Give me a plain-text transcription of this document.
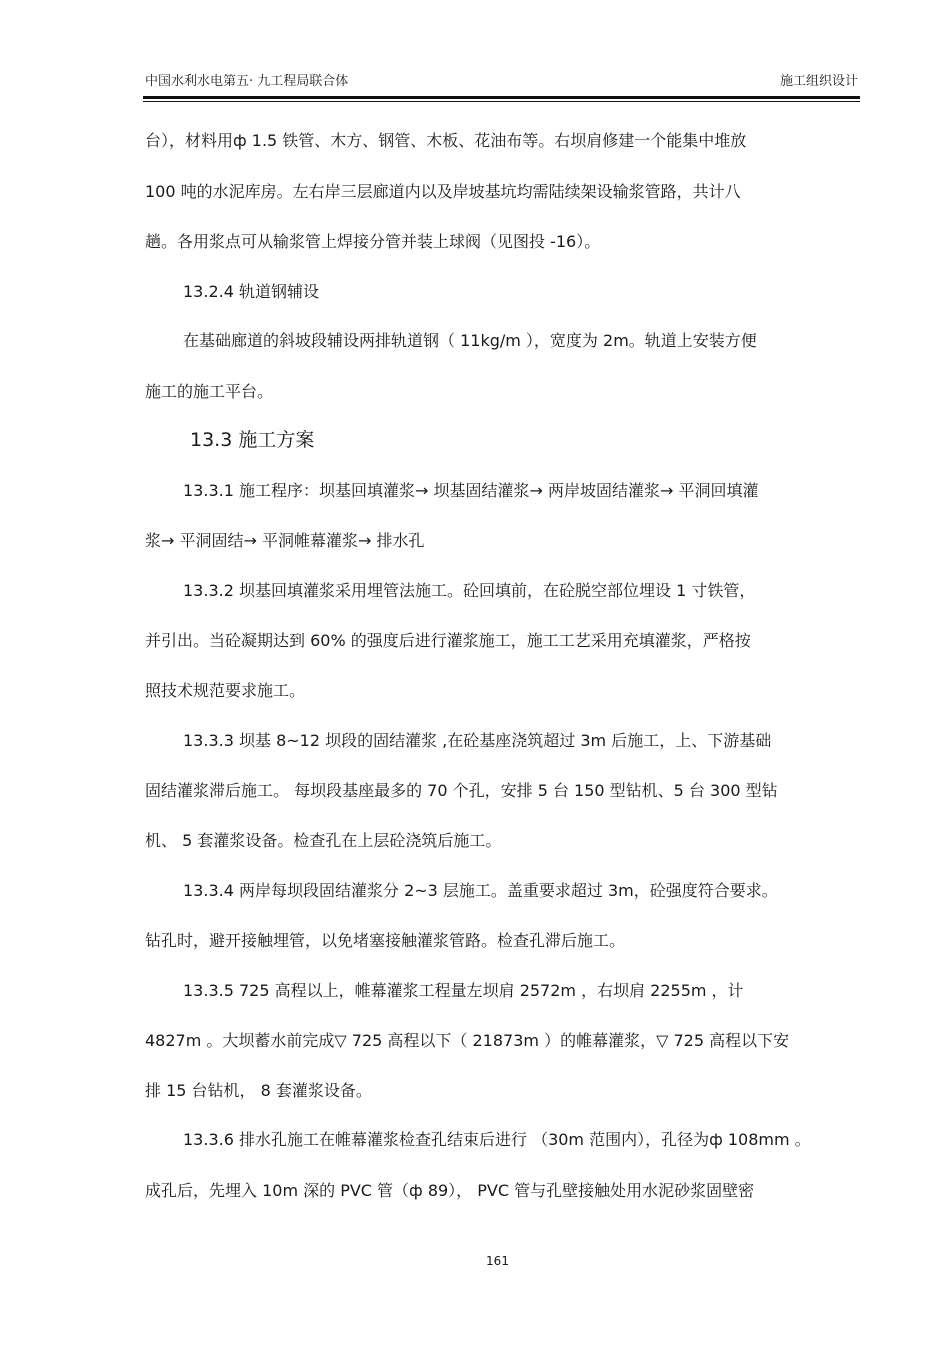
中国水利水电第五· 九工程局联合体	施工组织设计
台），材料用ф 1.5 铁管、木方、钢管、木板、花油布等。右坝肩修建一个能集中堆放
100 吨的水泥库房。左右岸三层廊道内以及岸坡基坑均需陆续架设输浆管路，共计八
趟。各用浆点可从输浆管上焊接分管并装上球阀（见图投 -16）。
13.2.4 轨道钢辅设
在基础廊道的斜坡段辅设两排轨道钢（ 11kg/m ），宽度为 2m。轨道上安装方便
施工的施工平台。
13.3 施工方案
13.3.1 施工程序：坝基回填灌浆→ 坝基固结灌浆→ 两岸坡固结灌浆→ 平洞回填灌
浆→ 平洞固结→ 平洞帷幕灌浆→ 排水孔
13.3.2 坝基回填灌浆采用埋管法施工。砼回填前，在砼脱空部位埋设 1 寸铁管，
并引出。当砼凝期达到 60% 的强度后进行灌浆施工，施工工艺采用充填灌浆，严格按
照技术规范要求施工。
13.3.3 坝基 8~12 坝段的固结灌浆 ,在砼基座浇筑超过 3m 后施工，上、下游基础
固结灌浆滞后施工。 每坝段基座最多的 70 个孔，安排 5 台 150 型钻机、5 台 300 型钻
机、 5 套灌浆设备。检查孔在上层砼浇筑后施工。
13.3.4 两岸每坝段固结灌浆分 2~3 层施工。盖重要求超过 3m，砼强度符合要求。
钻孔时，避开接触埋管，以免堵塞接触灌浆管路。检查孔滞后施工。
13.3.5 725 高程以上，帷幕灌浆工程量左坝肩 2572m ，右坝肩 2255m ，计
4827m 。大坝蓄水前完成▽ 725 高程以下（ 21873m ）的帷幕灌浆，▽ 725 高程以下安
排 15 台钻机， 8 套灌浆设备。
13.3.6 排水孔施工在帷幕灌浆检查孔结束后进行 （30m 范围内），孔径为ф 108mm 。
成孔后，先埋入 10m 深的 PVC 管（ф 89）， PVC 管与孔壁接触处用水泥砂浆固壁密
161
